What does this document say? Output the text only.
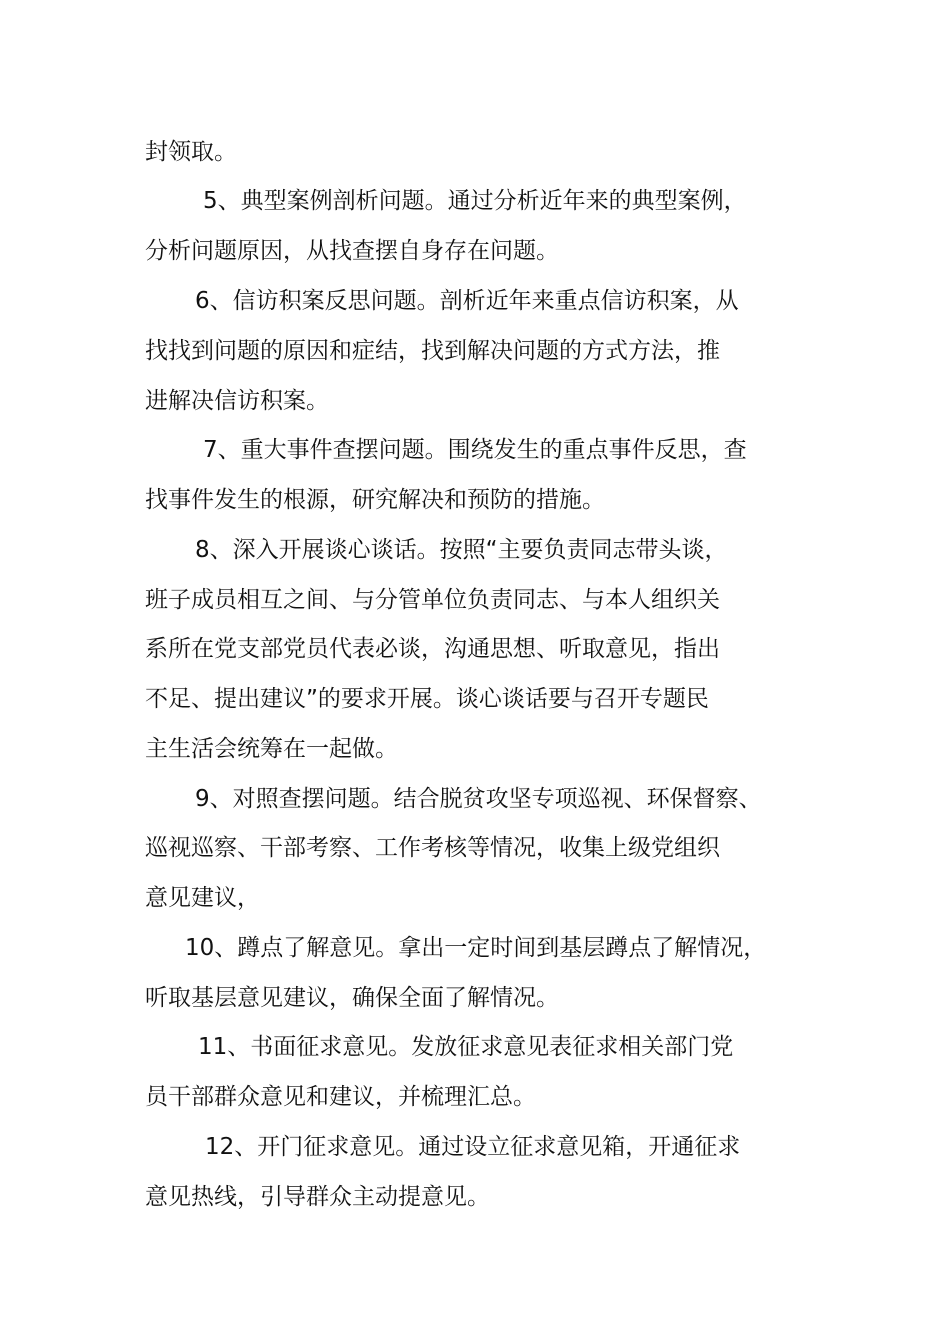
封领取。
5、典型案例剖析问题。通过分析近年来的典型案例，
分析问题原因，从找查摆自身存在问题。
6、信访积案反思问题。剖析近年来重点信访积案，从
找找到问题的原因和症结，找到解决问题的方式方法，推
进解决信访积案。
7、重大事件查摆问题。围绕发生的重点事件反思，查
找事件发生的根源，研究解决和预防的措施。
8、深入开展谈心谈话。按照“主要负责同志带头谈，
班子成员相互之间、与分管单位负责同志、与本人组织关
系所在党支部党员代表必谈，沟通思想、听取意见，指出
不足、提出建议”的要求开展。谈心谈话要与召开专题民
主生活会统筹在一起做。
9、对照查摆问题。结合脱贫攻坚专项巡视、环保督察、
巡视巡察、干部考察、工作考核等情况，收集上级党组织
意见建议，
10、蹲点了解意见。拿出一定时间到基层蹲点了解情况，
听取基层意见建议，确保全面了解情况。
11、书面征求意见。发放征求意见表征求相关部门党
员干部群众意见和建议，并梳理汇总。
12、开门征求意见。通过设立征求意见箱，开通征求
意见热线，引导群众主动提意见。
